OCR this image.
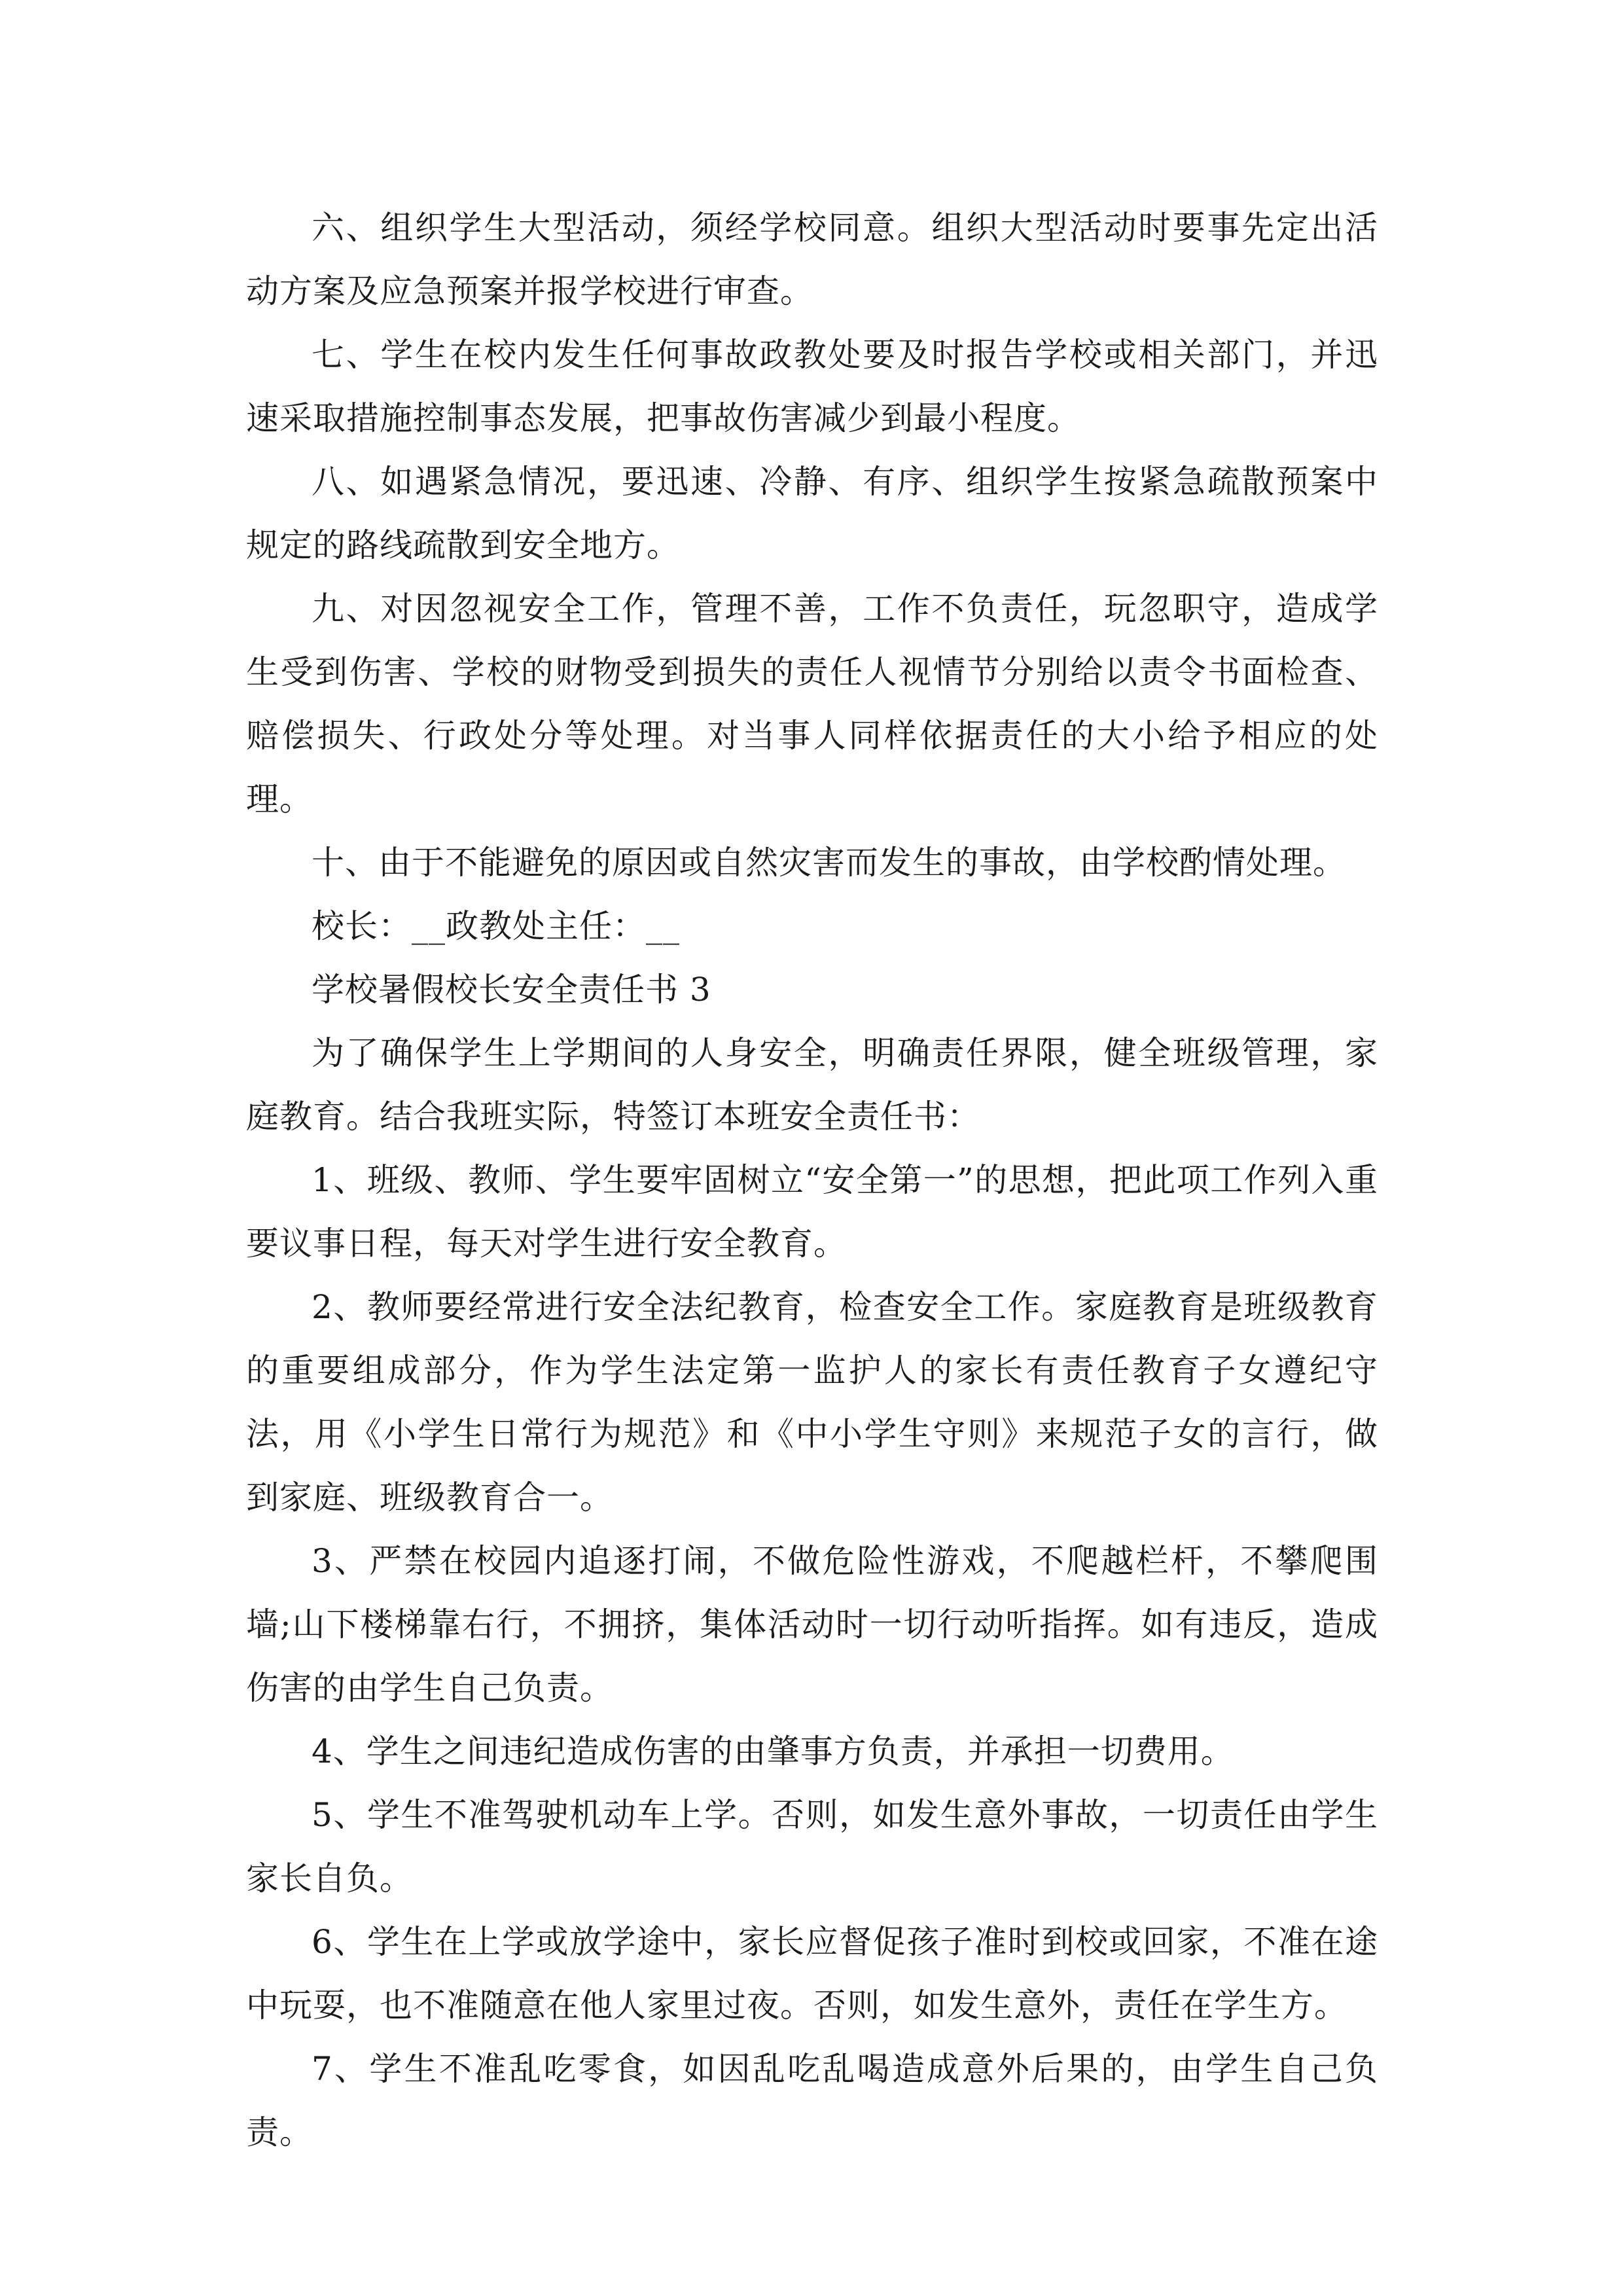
六、组织学生大型活动，须经学校同意。组织大型活动时要事先定出活动方案及应急预案并报学校进行审查。

七、学生在校内发生任何事故政教处要及时报告学校或相关部门，并迅速采取措施控制事态发展，把事故伤害减少到最小程度。

八、如遇紧急情况，要迅速、冷静、有序、组织学生按紧急疏散预案中规定的路线疏散到安全地方。

九、对因忽视安全工作，管理不善，工作不负责任，玩忽职守，造成学生受到伤害、学校的财物受到损失的责任人视情节分别给以责令书面检查、赔偿损失、行政处分等处理。对当事人同样依据责任的大小给予相应的处理。

十、由于不能避免的原因或自然灾害而发生的事故，由学校酌情处理。

校长：__政教处主任：__

学校暑假校长安全责任书 3

为了确保学生上学期间的人身安全，明确责任界限，健全班级管理，家庭教育。结合我班实际，特签订本班安全责任书：

1、班级、教师、学生要牢固树立“安全第一”的思想，把此项工作列入重要议事日程，每天对学生进行安全教育。

2、教师要经常进行安全法纪教育，检查安全工作。家庭教育是班级教育的重要组成部分，作为学生法定第一监护人的家长有责任教育子女遵纪守法，用《小学生日常行为规范》和《中小学生守则》来规范子女的言行，做到家庭、班级教育合一。

3、严禁在校园内追逐打闹，不做危险性游戏，不爬越栏杆，不攀爬围墙;山下楼梯靠右行，不拥挤，集体活动时一切行动听指挥。如有违反，造成伤害的由学生自己负责。

4、学生之间违纪造成伤害的由肇事方负责，并承担一切费用。

5、学生不准驾驶机动车上学。否则，如发生意外事故，一切责任由学生家长自负。

6、学生在上学或放学途中，家长应督促孩子准时到校或回家，不准在途中玩耍，也不准随意在他人家里过夜。否则，如发生意外，责任在学生方。

7、学生不准乱吃零食，如因乱吃乱喝造成意外后果的，由学生自己负责。
